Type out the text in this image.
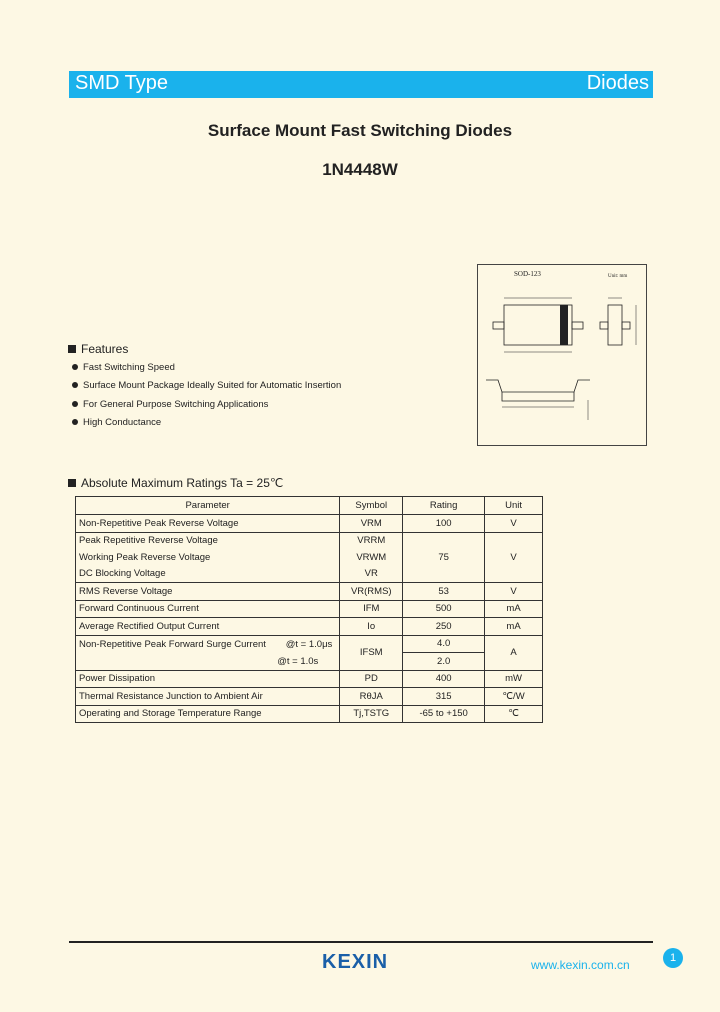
SMD Type	Diodes
Surface Mount Fast Switching Diodes
1N4448W
SOD-123	Unit: mm
Features
Fast Switching Speed
Surface Mount Package Ideally Suited for Automatic Insertion
For General Purpose Switching Applications
High Conductance
Absolute Maximum Ratings Ta = 25℃
Parameter	Symbol	Rating	Unit
Non-Repetitive Peak Reverse Voltage	VRM	100	V
Peak Repetitive Reverse Voltage	VRRM	75	V
Working Peak Reverse Voltage	VRWM		
DC Blocking Voltage	VR		
RMS Reverse Voltage	VR(RMS)	53	V
Forward Continuous Current	IFM	500	mA
Average Rectified Output Current	Io	250	mA
Non-Repetitive Peak Forward Surge Current @t = 1.0μs	IFSM	4.0	A

@t = 1.0s		2.0	
Power Dissipation	PD	400	mW
Thermal Resistance Junction to Ambient Air	RθJA	315	℃/W
Operating and Storage Temperature Range	Tj,TSTG	-65 to +150	℃
KEXIN	www.kexin.com.cn	1
